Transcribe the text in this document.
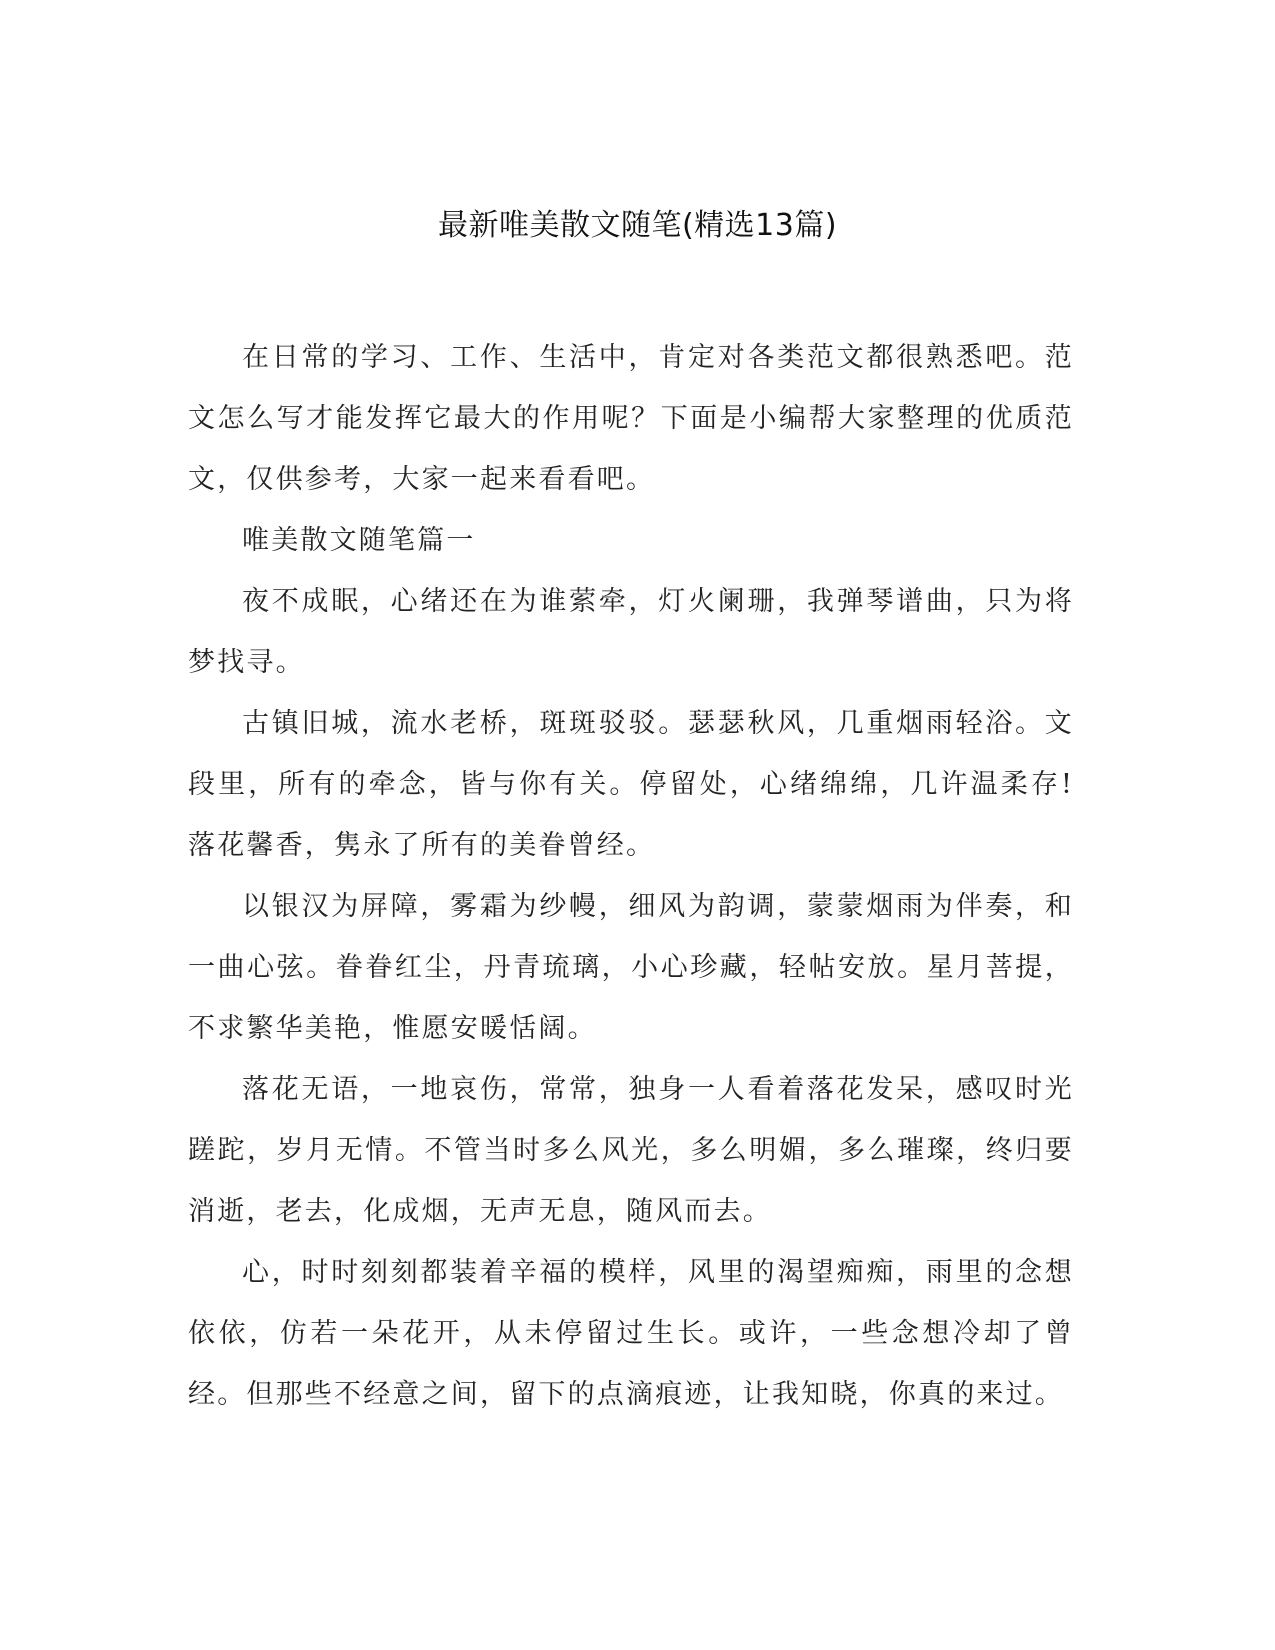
最新唯美散文随笔(精选13篇)

在日常的学习、工作、生活中，肯定对各类范文都很熟悉吧。范文怎么写才能发挥它最大的作用呢？下面是小编帮大家整理的优质范文，仅供参考，大家一起来看看吧。

唯美散文随笔篇一

夜不成眠，心绪还在为谁萦牵，灯火阑珊，我弹琴谱曲，只为将梦找寻。

古镇旧城，流水老桥，斑斑驳驳。瑟瑟秋风，几重烟雨轻浴。文段里，所有的牵念，皆与你有关。停留处，心绪绵绵，几许温柔存!落花馨香，隽永了所有的美眷曾经。

以银汉为屏障，雾霜为纱幔，细风为韵调，蒙蒙烟雨为伴奏，和一曲心弦。眷眷红尘，丹青琉璃，小心珍藏，轻帖安放。星月菩提，不求繁华美艳，惟愿安暖恬阔。

落花无语，一地哀伤，常常，独身一人看着落花发呆，感叹时光蹉跎，岁月无情。不管当时多么风光，多么明媚，多么璀璨，终归要消逝，老去，化成烟，无声无息，随风而去。

心，时时刻刻都装着辛福的模样，风里的渴望痴痴，雨里的念想依依，仿若一朵花开，从未停留过生长。或许，一些念想冷却了曾经。但那些不经意之间，留下的点滴痕迹，让我知晓，你真的来过。
